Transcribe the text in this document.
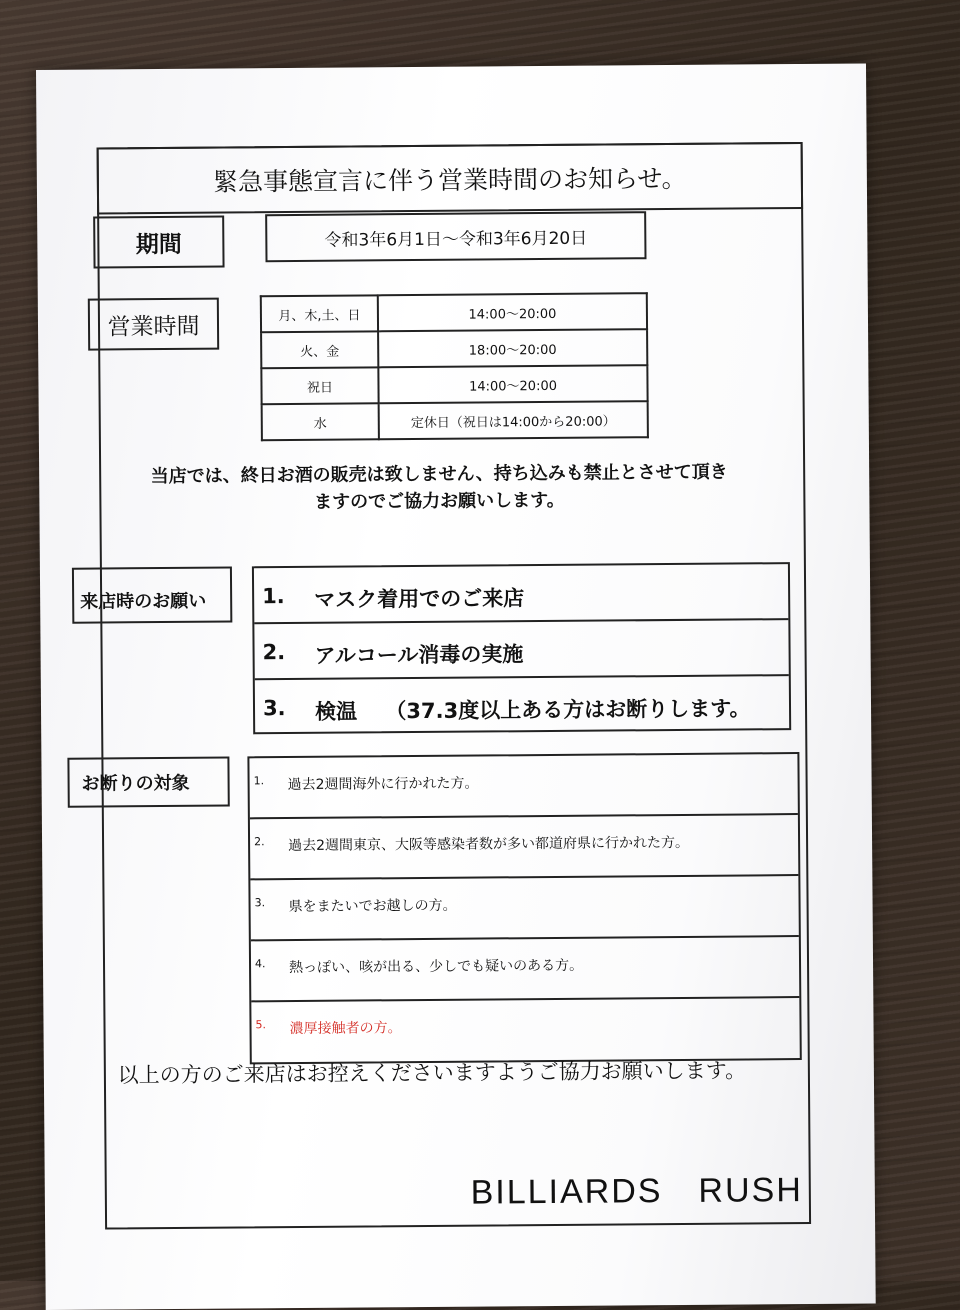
緊急事態宣言に伴う営業時間のお知らせ。
期間	令和3年6月1日～令和3年6月20日
営業時間	月、木,土、日	14:00～20:00
火、金	18:00～20:00
祝日	14:00～20:00
水	定休日（祝日は14:00から20:00）
当店では、終日お酒の販売は致しません、持ち込みも禁止とさせて頂き
ますのでご協力お願いします。
来店時のお願い	1. マスク着用でのご来店
2. アルコール消毒の実施
3. 検温　 （37.3度以上ある方はお断りします。
お断りの対象	1. 過去2週間海外に行かれた方。
2. 過去2週間東京、大阪等感染者数が多い都道府県に行かれた方。
3. 県をまたいでお越しの方。
4. 熱っぽい、咳が出る、少しでも疑いのある方。
5. 濃厚接触者の方。
以上の方のご来店はお控えくださいますようご協力お願いします。
BILLIARDS　RUSH
